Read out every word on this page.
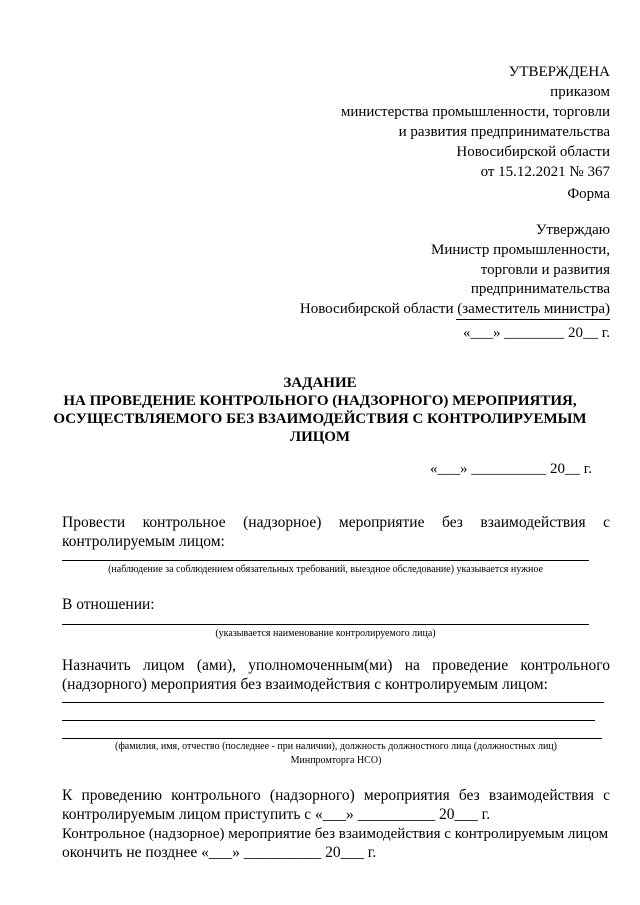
УТВЕРЖДЕНА
приказом
министерства промышленности, торговли
и развития предпринимательства
Новосибирской области
от 15.12.2021 № 367
Форма
Утверждаю
Министр промышленности,
торговли и развития
предпринимательства
Новосибирской области (заместитель министра)
«___» ________ 20__ г.
ЗАДАНИЕ
НА ПРОВЕДЕНИЕ КОНТРОЛЬНОГО (НАДЗОРНОГО) МЕРОПРИЯТИЯ,
ОСУЩЕСТВЛЯЕМОГО БЕЗ ВЗАИМОДЕЙСТВИЯ С КОНТРОЛИРУЕМЫМ
ЛИЦОМ
«___» __________ 20__ г.
Провести контрольное (надзорное) мероприятие без взаимодействия с
контролируемым лицом:
(наблюдение за соблюдением обязательных требований, выездное обследование) указывается нужное
В отношении:
(указывается наименование контролируемого лица)
Назначить лицом (ами), уполномоченным(ми) на проведение контрольного
(надзорного) мероприятия без взаимодействия с контролируемым лицом:
(фамилия, имя, отчество (последнее - при наличии), должность должностного лица (должностных лиц)
Минпромторга НСО)
К проведению контрольного (надзорного) мероприятия без взаимодействия с
контролируемым лицом приступить с «___» __________ 20___ г.
Контрольное (надзорное) мероприятие без взаимодействия с контролируемым лицом
окончить не позднее «___» __________ 20___ г.
